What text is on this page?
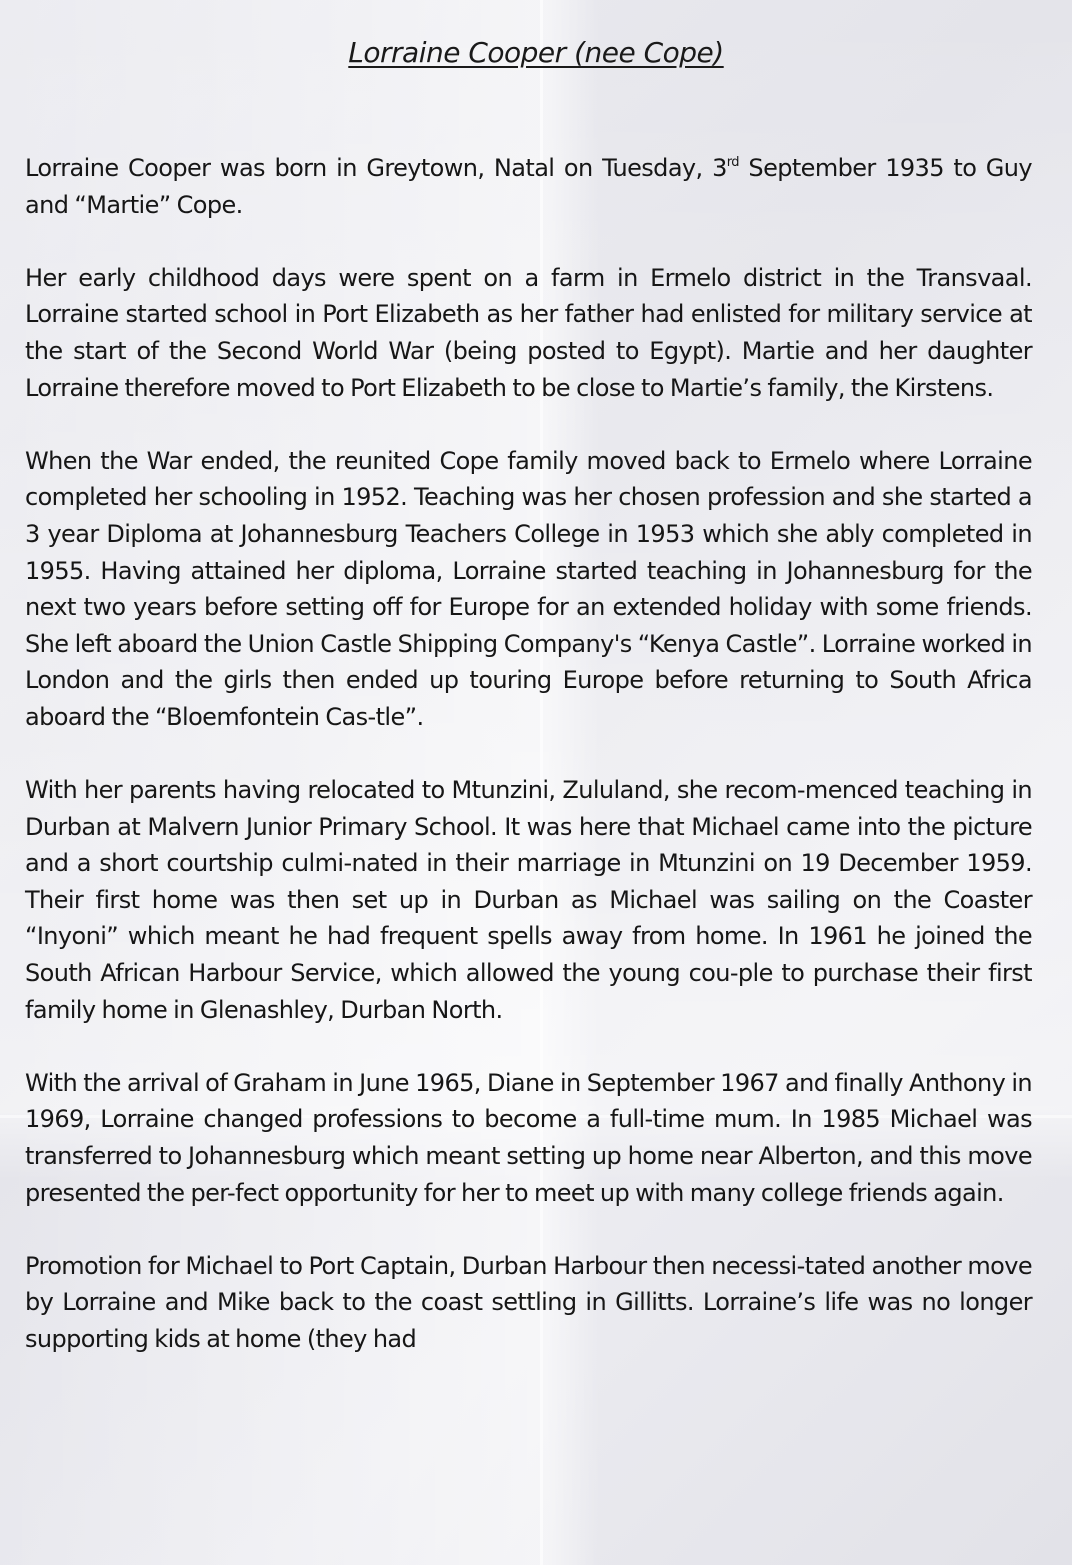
Lorraine Cooper (nee Cope)

Lorraine Cooper was born in Greytown, Natal on Tuesday, 3rd September 1935 to Guy and “Martie” Cope.

Her early childhood days were spent on a farm in Ermelo district in the Transvaal. Lorraine started school in Port Elizabeth as her father had enlisted for military service at the start of the Second World War (being posted to Egypt). Martie and her daughter Lorraine therefore moved to Port Elizabeth to be close to Martie’s family, the Kirstens.

When the War ended, the reunited Cope family moved back to Ermelo where Lorraine completed her schooling in 1952. Teaching was her chosen profession and she started a 3 year Diploma at Johannesburg Teachers College in 1953 which she ably completed in 1955. Having attained her diploma, Lorraine started teaching in Johannesburg for the next two years before setting off for Europe for an extended holiday with some friends. She left aboard the Union Castle Shipping Company's “Kenya Castle”. Lorraine worked in London and the girls then ended up touring Europe before returning to South Africa aboard the “Bloemfontein Cas-tle”.

With her parents having relocated to Mtunzini, Zululand, she recom-menced teaching in Durban at Malvern Junior Primary School. It was here that Michael came into the picture and a short courtship culmi-nated in their marriage in Mtunzini on 19 December 1959. Their first home was then set up in Durban as Michael was sailing on the Coaster “Inyoni” which meant he had frequent spells away from home. In 1961 he joined the South African Harbour Service, which allowed the young cou-ple to purchase their first family home in Glenashley, Durban North.

With the arrival of Graham in June 1965, Diane in September 1967 and finally Anthony in 1969, Lorraine changed professions to become a full-time mum. In 1985 Michael was transferred to Johannesburg which meant setting up home near Alberton, and this move presented the per-fect opportunity for her to meet up with many college friends again.

Promotion for Michael to Port Captain, Durban Harbour then necessi-tated another move by Lorraine and Mike back to the coast settling in Gillitts. Lorraine’s life was no longer supporting kids at home (they had
